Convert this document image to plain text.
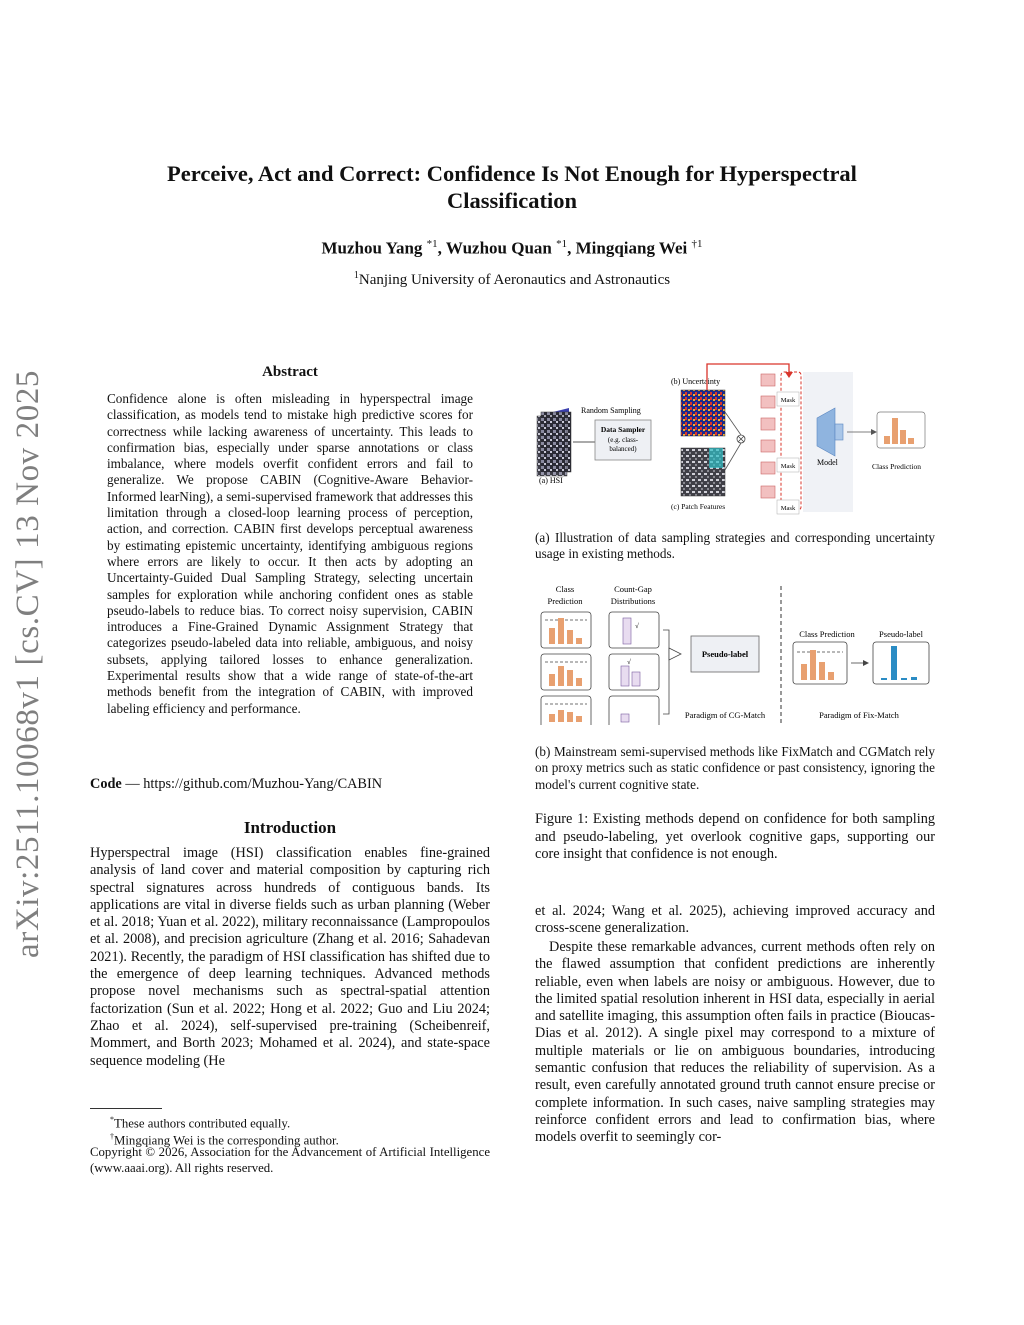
arXiv:2511.10068v1 [cs.CV] 13 Nov 2025
Perceive, Act and Correct: Confidence Is Not Enough for Hyperspectral Classification
Muzhou Yang $^{*1}$, Wuzhou Quan $^{*1}$, Mingqiang Wei $^{\dagger 1}$
$^1$Nanjing University of Aeronautics and Astronautics
Abstract
Confidence alone is often misleading in hyperspectral image classification, as models tend to mistake high predictive scores for correctness while lacking awareness of uncertainty. This leads to confirmation bias, especially under sparse annotations or class imbalance, where models overfit confident errors and fail to generalize. We propose CABIN (Cognitive-Aware Behavior-Informed learNing), a semi-supervised framework that addresses this limitation through a closed-loop learning process of perception, action, and correction. CABIN first develops perceptual awareness by estimating epistemic uncertainty, identifying ambiguous regions where errors are likely to occur. It then acts by adopting an Uncertainty-Guided Dual Sampling Strategy, selecting uncertain samples for exploration while anchoring confident ones as stable pseudo-labels to reduce bias. To correct noisy supervision, CABIN introduces a Fine-Grained Dynamic Assignment Strategy that categorizes pseudo-labeled data into reliable, ambiguous, and noisy subsets, applying tailored losses to enhance generalization. Experimental results show that a wide range of state-of-the-art methods benefit from the integration of CABIN, with improved labeling efficiency and performance.
Code — https://github.com/Muzhou-Yang/CABIN
Introduction

Hyperspectral image (HSI) classification enables fine-grained analysis of land cover and material composition by capturing rich spectral signatures across hundreds of contiguous bands. Its applications are vital in diverse fields such as urban planning (Weber et al. 2018; Yuan et al. 2022), military reconnaissance (Lampropoulos et al. 2008), and precision agriculture (Zhang et al. 2016; Sahadevan 2021). Recently, the paradigm of HSI classification has shifted due to the emergence of deep learning techniques. Advanced methods propose novel mechanisms such as spectral-spatial attention factorization (Sun et al. 2022; Hong et al. 2022; Guo and Liu 2024; Zhao et al. 2024), self-supervised pre-training (Scheibenreif, Mommert, and Borth 2023; Mohamed et al. 2024), and state-space sequence modeling (He

*These authors contributed equally.
†Mingqiang Wei is the corresponding author.
Copyright © 2026, Association for the Advancement of Artificial Intelligence (www.aaai.org). All rights reserved.
(a) HSI
Random Sampling
Data Sampler
(e.g. class-
balanced)
(b) Uncertainty
(c) Patch Features
Mask
Mask
Mask
Model	Class Prediction
(a) Illustration of data sampling strategies and corresponding uncertainty usage in existing methods.
Class
Prediction
Count-Gap
Distributions
√
√
Pseudo-label
Paradigm of CG-Match
Class Prediction	Pseudo-label
Paradigm of Fix-Match
(b) Mainstream semi-supervised methods like FixMatch and CGMatch rely on proxy metrics such as static confidence or past consistency, ignoring the model's current cognitive state.
Figure 1: Existing methods depend on confidence for both sampling and pseudo-labeling, yet overlook cognitive gaps, supporting our core insight that confidence is not enough.

et al. 2024; Wang et al. 2025), achieving improved accuracy and cross-scene generalization.

Despite these remarkable advances, current methods often rely on the flawed assumption that confident predictions are inherently reliable, even when labels are noisy or ambiguous. However, due to the limited spatial resolution inherent in HSI data, especially in aerial and satellite imaging, this assumption often fails in practice (Bioucas-Dias et al. 2012). A single pixel may correspond to a mixture of multiple materials or lie on ambiguous boundaries, introducing semantic confusion that reduces the reliability of supervision. As a result, even carefully annotated ground truth cannot ensure precise or complete information. In such cases, naive sampling strategies may reinforce confident errors and lead to confirmation bias, where models overfit to seemingly cor-
